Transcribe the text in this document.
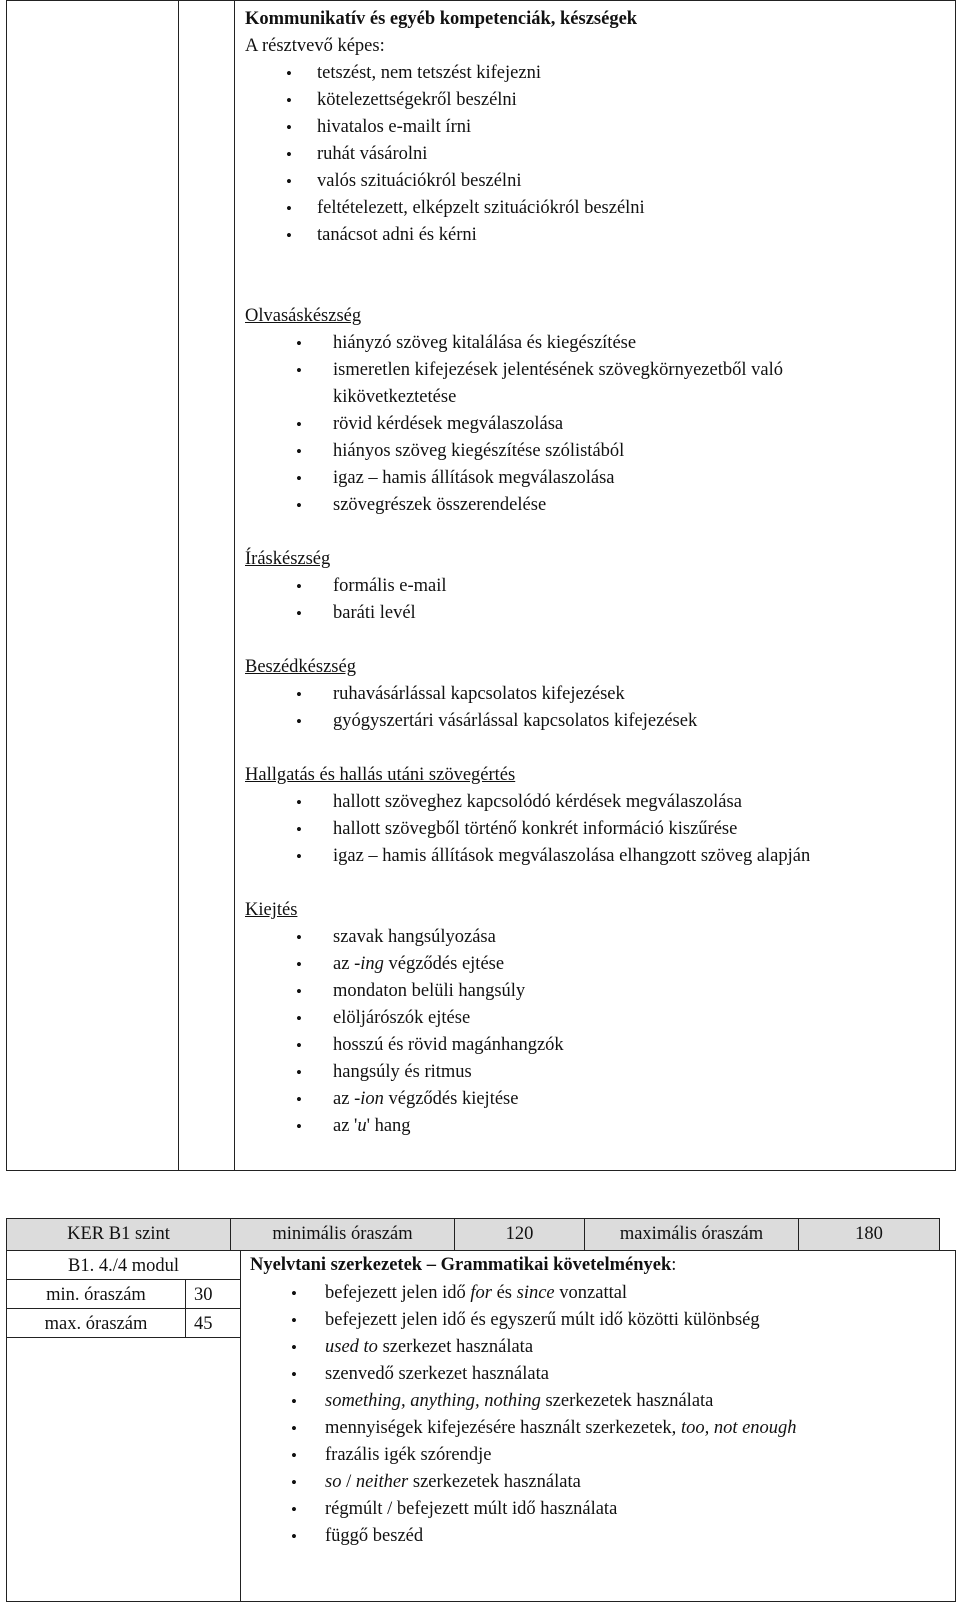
Kommunikatív és egyéb kompetenciák, készségek
A résztvevő képes:
• tetszést, nem tetszést kifejezni
• kötelezettségekről beszélni
• hivatalos e-mailt írni
• ruhát vásárolni
• valós szituációkról beszélni
• feltételezett, elképzelt szituációkról beszélni
• tanácsot adni és kérni
Olvasáskészség
• hiányzó szöveg kitalálása és kiegészítése
• ismeretlen kifejezések jelentésének szövegkörnyezetből való
kikövetkeztetése
• rövid kérdések megválaszolása
• hiányos szöveg kiegészítése szólistából
• igaz – hamis állítások megválaszolása
• szövegrészek összerendelése
Íráskészség
• formális e-mail
• baráti levél
Beszédkészség
• ruhavásárlással kapcsolatos kifejezések
• gyógyszertári vásárlással kapcsolatos kifejezések
Hallgatás és hallás utáni szövegértés
• hallott szöveghez kapcsolódó kérdések megválaszolása
• hallott szövegből történő konkrét információ kiszűrése
• igaz – hamis állítások megválaszolása elhangzott szöveg alapján
Kiejtés
• szavak hangsúlyozása
• az -ing végződés ejtése
• mondaton belüli hangsúly
• elöljárószók ejtése
• hosszú és rövid magánhangzók
• hangsúly és ritmus
• az -ion végződés kiejtése
• az 'u' hang
KER B1 szint	minimális óraszám	120	maximális óraszám	180
B1. 4./4 modul
min. óraszám	30
max. óraszám	45
Nyelvtani szerkezetek – Grammatikai követelmények:
• befejezett jelen idő for és since vonzattal
• befejezett jelen idő és egyszerű múlt idő közötti különbség
• used to szerkezet használata
• szenvedő szerkezet használata
• something, anything, nothing szerkezetek használata
• mennyiségek kifejezésére használt szerkezetek, too, not enough
• frazális igék szórendje
• so / neither szerkezetek használata
• régmúlt / befejezett múlt idő használata
• függő beszéd
